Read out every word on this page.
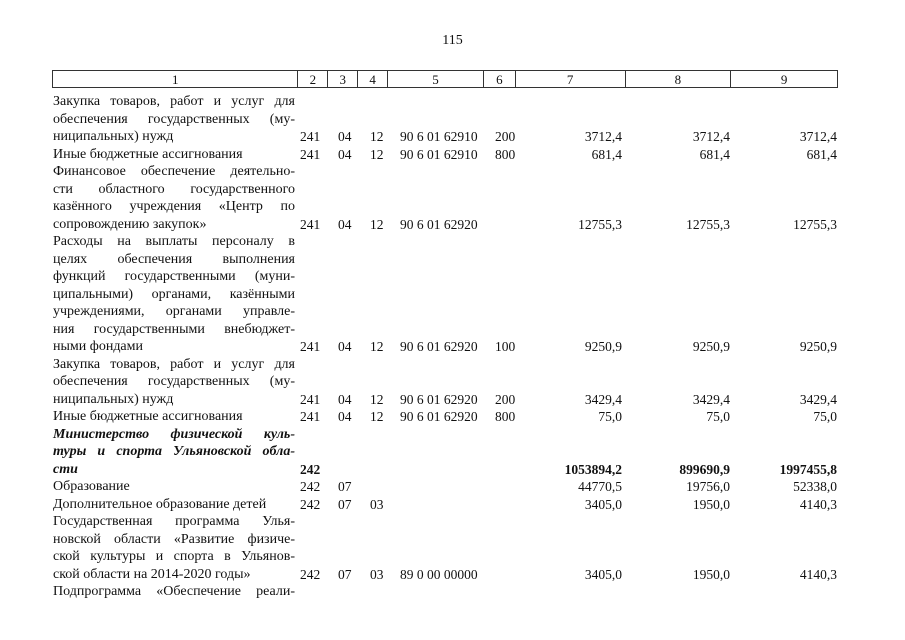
115
1	2	3	4	5	6	7	8	9
Закупка товаров, работ и услуг для
обеспечения государственных (му-
ниципальных) нужд	241 04 12 90 6 01 62910 200	3712,4	3712,4	3712,4
Иные бюджетные ассигнования	241 04 12 90 6 01 62910 800	681,4	681,4	681,4
Финансовое обеспечение деятельно-
сти областного государственного
казённого учреждения «Центр по
сопровождению закупок»	241 04 12 90 6 01 62920	12755,3	12755,3	12755,3
Расходы на выплаты персоналу в
целях обеспечения выполнения
функций государственными (муни-
ципальными) органами, казёнными
учреждениями, органами управле-
ния государственными внебюджет-
ными фондами	241 04 12 90 6 01 62920 100	9250,9	9250,9	9250,9
Закупка товаров, работ и услуг для
обеспечения государственных (му-
ниципальных) нужд	241 04 12 90 6 01 62920 200	3429,4	3429,4	3429,4
Иные бюджетные ассигнования	241 04 12 90 6 01 62920 800	75,0	75,0	75,0
Министерство физической куль-
туры и спорта Ульяновской обла-
сти	242	1053894,2	899690,9	1997455,8
Образование	242 07	44770,5	19756,0	52338,0
Дополнительное образование детей	242 07 03	3405,0	1950,0	4140,3
Государственная программа Улья-
новской области «Развитие физиче-
ской культуры и спорта в Ульянов-
ской области на 2014-2020 годы»	242 07 03 89 0 00 00000	3405,0	1950,0	4140,3
Подпрограмма «Обеспечение реали-
